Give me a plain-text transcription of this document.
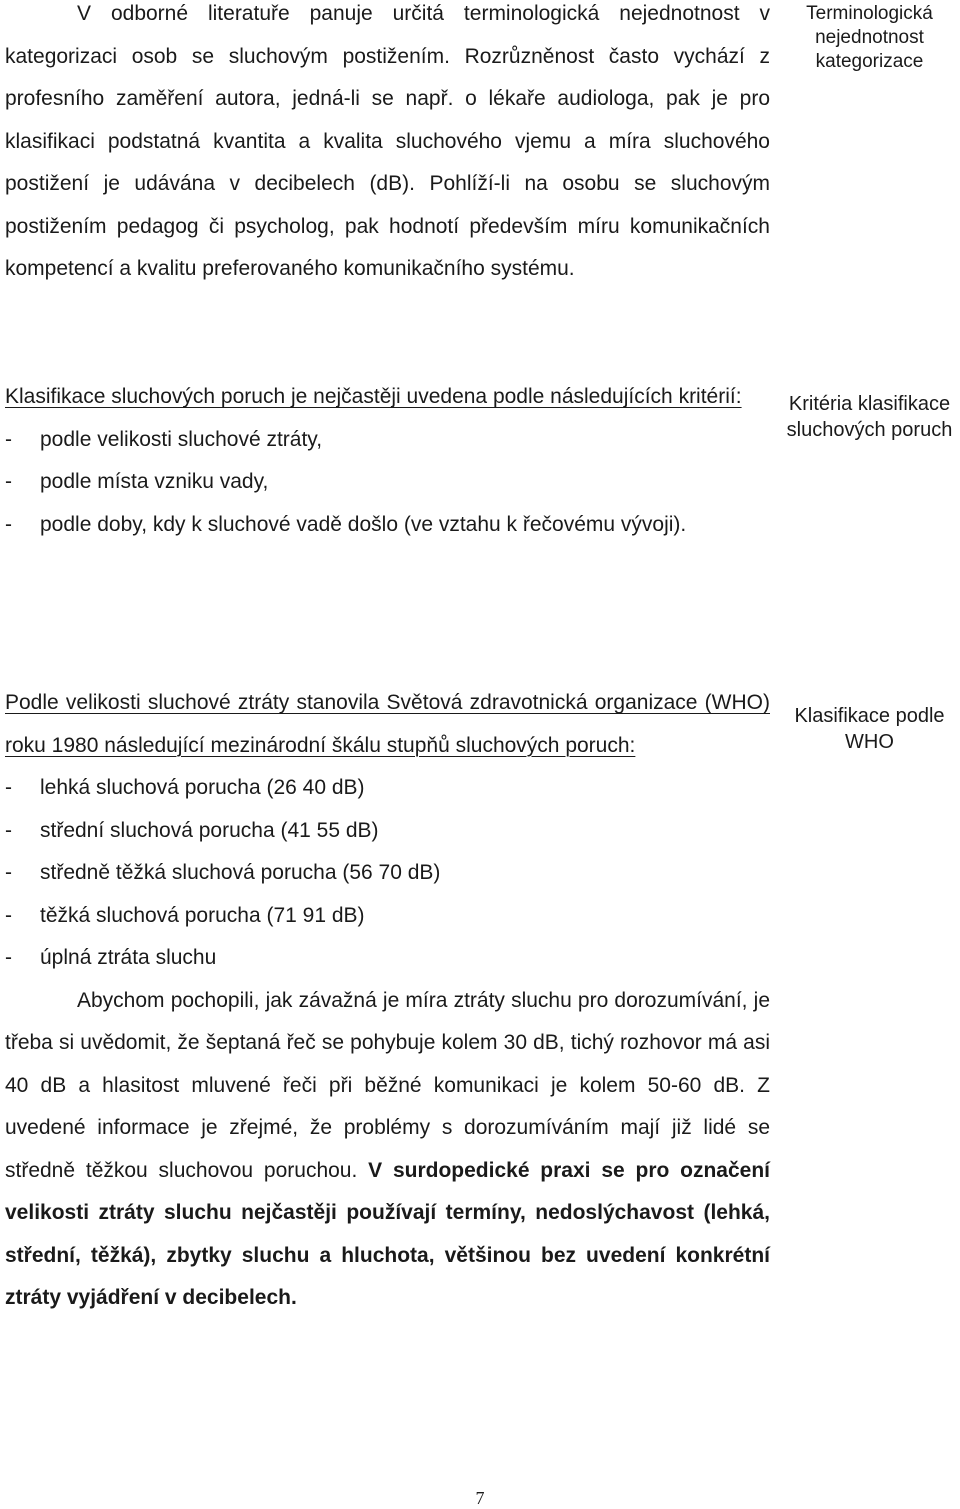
V odborné literatuře panuje určitá terminologická nejednotnost v kategorizaci osob se sluchovým postižením. Rozrůzněnost často vychází z profesního zaměření autora, jedná-li se např. o lékaře audiologa, pak je pro klasifikaci podstatná kvantita a kvalita sluchového vjemu a míra sluchového postižení je udávána v decibelech (dB). Pohlíží-li na osobu se sluchovým postižením pedagog či psycholog, pak hodnotí především míru komunikačních kompetencí a kvalitu preferovaného komunikačního systému.
Terminologická nejednotnost kategorizace

Klasifikace sluchových poruch je nejčastěji uvedena podle následujících kritérií:

- podle velikosti sluchové ztráty,
- podle místa vzniku vady,
- podle doby, kdy k sluchové vadě došlo (ve vztahu k řečovému vývoji).
Kritéria klasifikace sluchových poruch

Podle velikosti sluchové ztráty stanovila Světová zdravotnická organizace (WHO) roku 1980 následující mezinárodní škálu stupňů sluchových poruch:

- lehká sluchová porucha (26 40 dB)
- střední sluchová porucha (41 55 dB)
- středně těžká sluchová porucha (56 70 dB)
- těžká sluchová porucha (71 91 dB)
- úplná ztráta sluchu

Abychom pochopili, jak závažná je míra ztráty sluchu pro dorozumívání, je třeba si uvědomit, že šeptaná řeč se pohybuje kolem 30 dB, tichý rozhovor má asi 40 dB a hlasitost mluvené řeči při běžné komunikaci je kolem 50-60 dB. Z uvedené informace je zřejmé, že problémy s dorozumíváním mají již lidé se středně těžkou sluchovou poruchou. V surdopedické praxi se pro označení velikosti ztráty sluchu nejčastěji používají termíny, nedoslýchavost (lehká, střední, těžká), zbytky sluchu a hluchota, většinou bez uvedení konkrétní ztráty vyjádření v decibelech.

Klasifikace podle WHO
7
